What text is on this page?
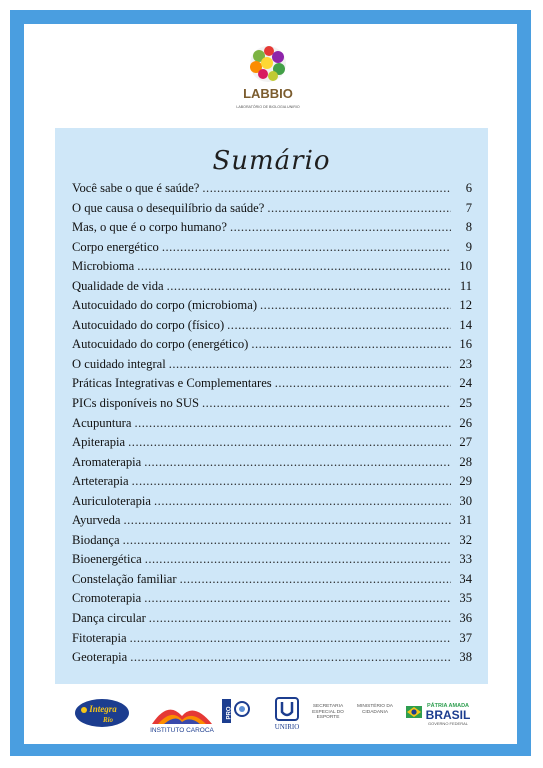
LABBIO
LABORATÓRIO DE BIOLOGIA UNIRIO
Sumário
Você sabe o que é saúde? .....	6
O que causa o desequilíbrio da saúde? .....	7
Mas, o que é o corpo humano? .....	8
Corpo energético .....	9
Microbioma .....	10
Qualidade de vida .....	11
Autocuidado do corpo (microbioma) .....	12
Autocuidado do corpo (físico) .....	14
Autocuidado do corpo (energético) .....	16
O cuidado integral .....	23
Práticas Integrativas e Complementares .....	24
PICs disponíveis no SUS .....	25
Acupuntura .....	26
Apiterapia .....	27
Aromaterapia .....	28
Arteterapia .....	29
Auriculoterapia .....	30
Ayurveda .....	31
Biodança .....	32
Bioenergética .....	33
Constelação familiar .....	34
Cromoterapia .....	35
Dança circular .....	36
Fitoterapia .....	37
Geoterapia .....	38
Integra
Rio
INSTITUTO CAROCA
PRO
UNIRIO
SECRETARIA ESPECIAL DO ESPORTE
MINISTÉRIO DA CIDADANIA
PÁTRIA AMADA
BRASIL
GOVERNO FEDERAL
